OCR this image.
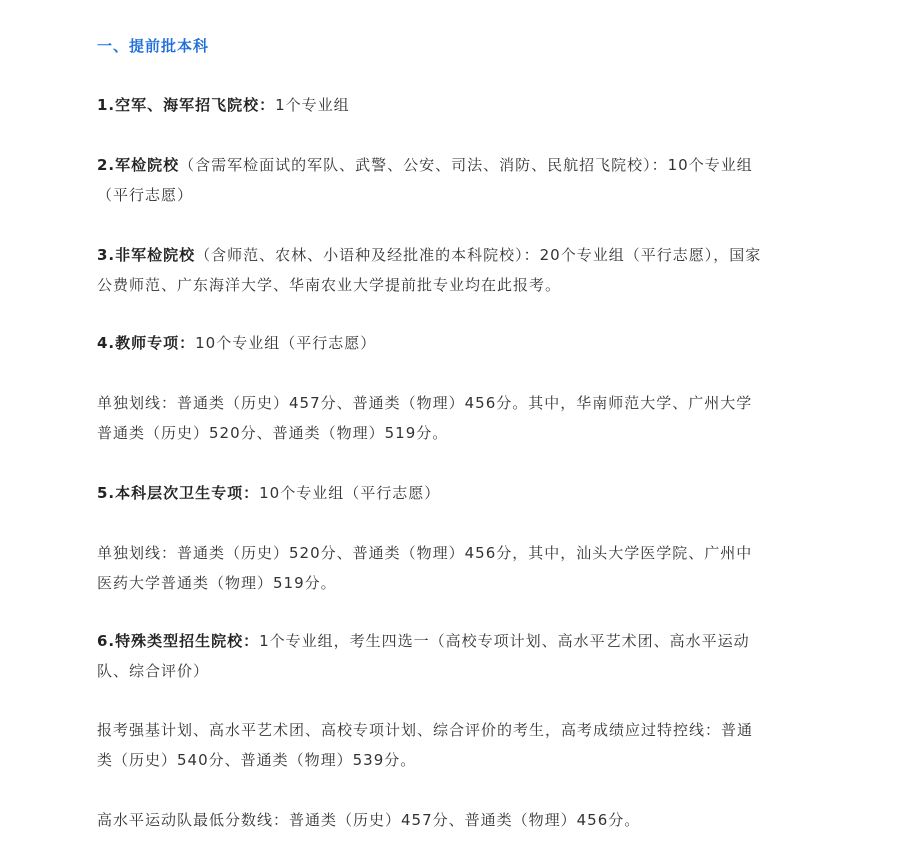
一、提前批本科
1.空军、海军招飞院校：1个专业组
2.军检院校（含需军检面试的军队、武警、公安、司法、消防、民航招飞院校）：10个专业组（平行志愿）
3.非军检院校（含师范、农林、小语种及经批准的本科院校）：20个专业组（平行志愿），国家公费师范、广东海洋大学、华南农业大学提前批专业均在此报考。
4.教师专项：10个专业组（平行志愿）
单独划线：普通类（历史）457分、普通类（物理）456分。其中，华南师范大学、广州大学普通类（历史）520分、普通类（物理）519分。
5.本科层次卫生专项：10个专业组（平行志愿）
单独划线：普通类（历史）520分、普通类（物理）456分，其中，汕头大学医学院、广州中医药大学普通类（物理）519分。
6.特殊类型招生院校：1个专业组，考生四选一（高校专项计划、高水平艺术团、高水平运动队、综合评价）
报考强基计划、高水平艺术团、高校专项计划、综合评价的考生，高考成绩应过特控线：普通类（历史）540分、普通类（物理）539分。
高水平运动队最低分数线：普通类（历史）457分、普通类（物理）456分。
